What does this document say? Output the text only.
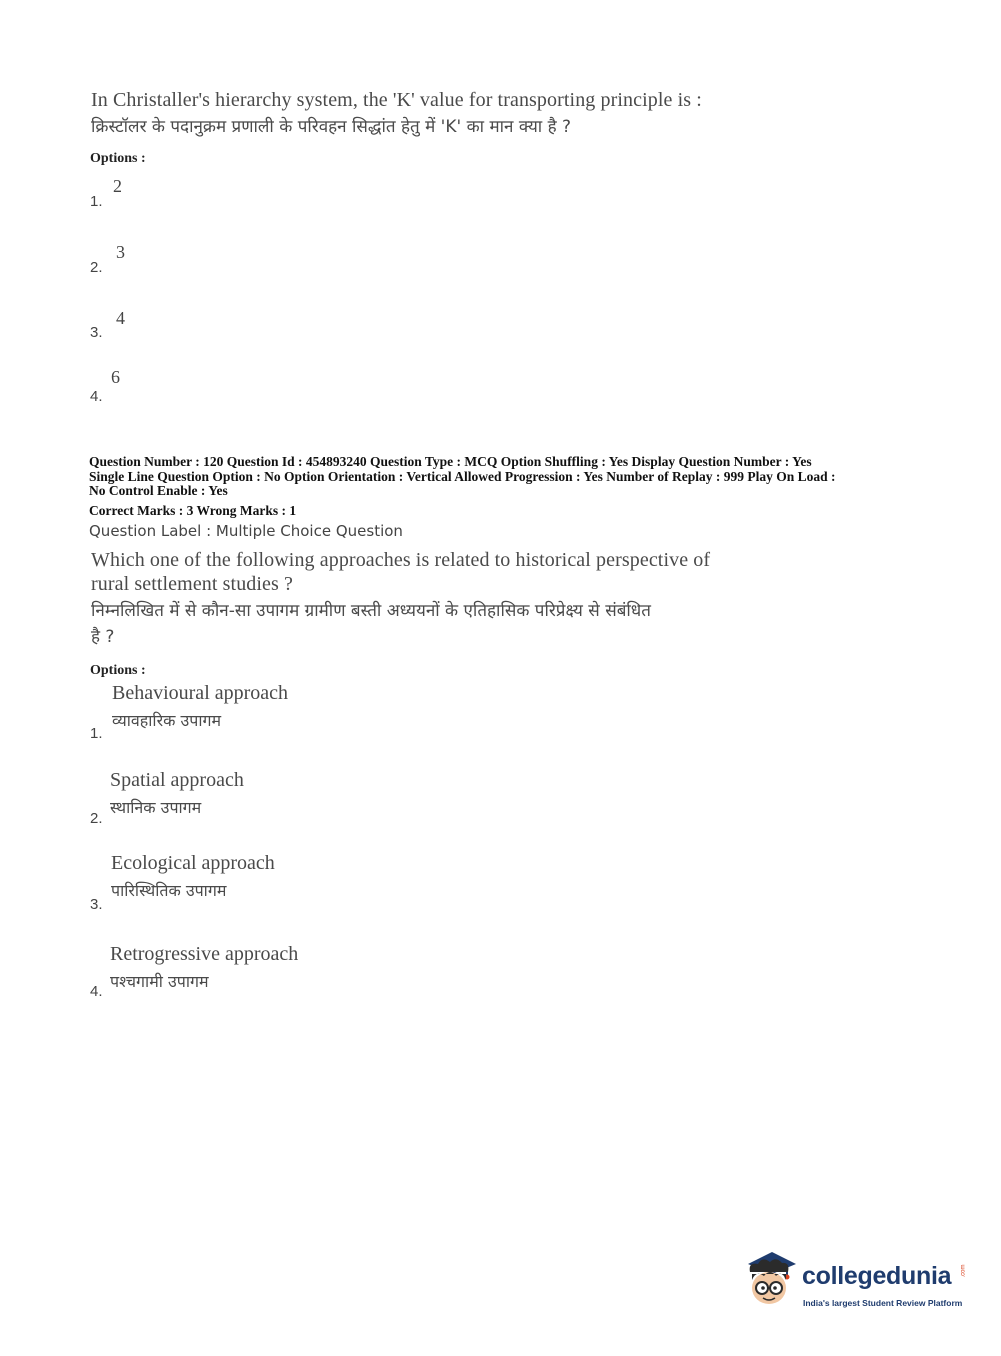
In Christaller's hierarchy system, the 'K' value for transporting principle is :
क्रिस्टॉलर के पदानुक्रम प्रणाली के परिवहन सिद्धांत हेतु में 'K' का मान क्या है ?
Options :
1.
2
2.
3
3.
4
4.
6
Question Number : 120 Question Id : 454893240 Question Type : MCQ Option Shuffling : Yes Display Question Number : Yes
Single Line Question Option : No Option Orientation : Vertical Allowed Progression : Yes Number of Replay : 999 Play On Load :
No Control Enable : Yes
Correct Marks : 3 Wrong Marks : 1
Question Label : Multiple Choice Question
Which one of the following approaches is related to historical perspective of
rural settlement studies ?
निम्नलिखित में से कौन-सा उपागम ग्रामीण बस्ती अध्ययनों के एतिहासिक परिप्रेक्ष्य से संबंधित
है ?
Options :
Behavioural approach
व्यावहारिक उपागम
1.
Spatial approach
स्थानिक उपागम
2.
Ecological approach
पारिस्थितिक उपागम
3.
Retrogressive approach
पश्चगामी उपागम
4.
collegedunia .com
India's largest Student Review Platform
